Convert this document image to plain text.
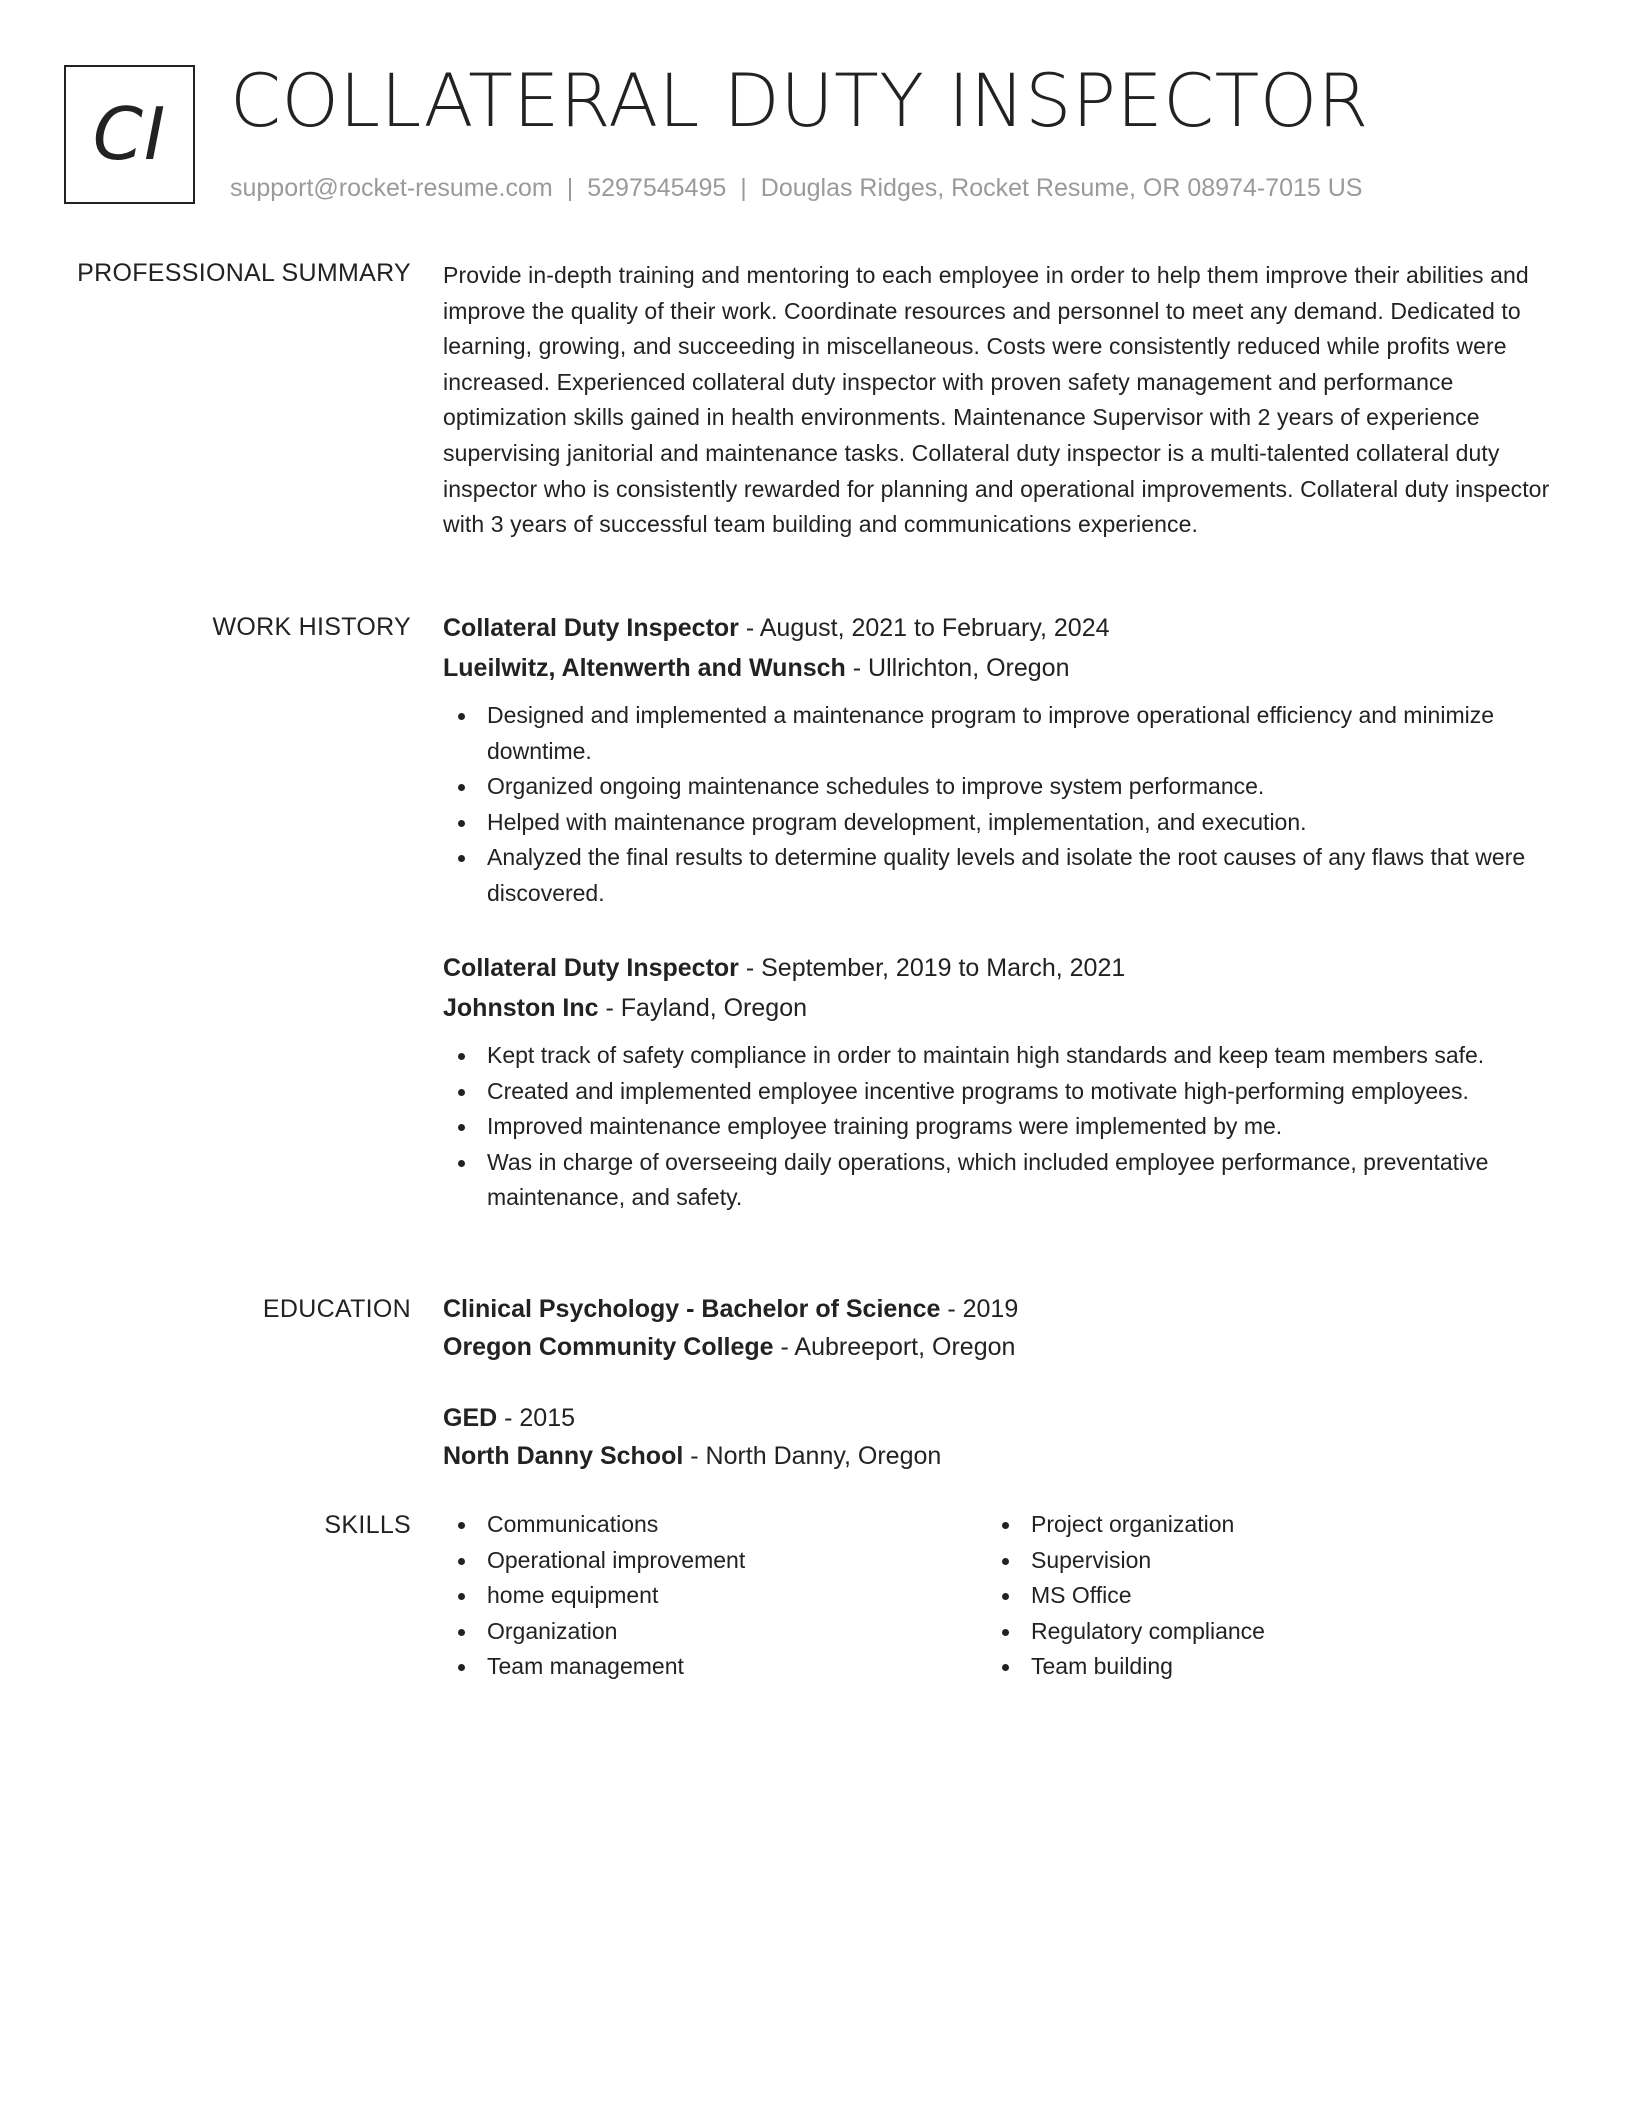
CI COLLATERAL DUTY INSPECTOR
support@rocket-resume.com | 5297545495 | Douglas Ridges, Rocket Resume, OR 08974-7015 US
PROFESSIONAL SUMMARY Provide in-depth training and mentoring to each employee in order to help them improve their abilities and improve the quality of their work. Coordinate resources and personnel to meet any demand. Dedicated to learning, growing, and succeeding in miscellaneous. Costs were consistently reduced while profits were increased. Experienced collateral duty inspector with proven safety management and performance optimization skills gained in health environments. Maintenance Supervisor with 2 years of experience supervising janitorial and maintenance tasks. Collateral duty inspector is a multi-talented collateral duty inspector who is consistently rewarded for planning and operational improvements. Collateral duty inspector with 3 years of successful team building and communications experience.
WORK HISTORY Collateral Duty Inspector - August, 2021 to February, 2024
Lueilwitz, Altenwerth and Wunsch - Ullrichton, Oregon
Designed and implemented a maintenance program to improve operational efficiency and minimize downtime.
Organized ongoing maintenance schedules to improve system performance.
Helped with maintenance program development, implementation, and execution.
Analyzed the final results to determine quality levels and isolate the root causes of any flaws that were discovered.
Collateral Duty Inspector - September, 2019 to March, 2021
Johnston Inc - Fayland, Oregon
Kept track of safety compliance in order to maintain high standards and keep team members safe.
Created and implemented employee incentive programs to motivate high-performing employees.
Improved maintenance employee training programs were implemented by me.
Was in charge of overseeing daily operations, which included employee performance, preventative maintenance, and safety.
EDUCATION Clinical Psychology - Bachelor of Science - 2019
Oregon Community College - Aubreeport, Oregon
GED - 2015
North Danny School - North Danny, Oregon
SKILLS	Communications
Operational improvement
home equipment
Organization
Team management
Project organization
Supervision
MS Office
Regulatory compliance
Team building
